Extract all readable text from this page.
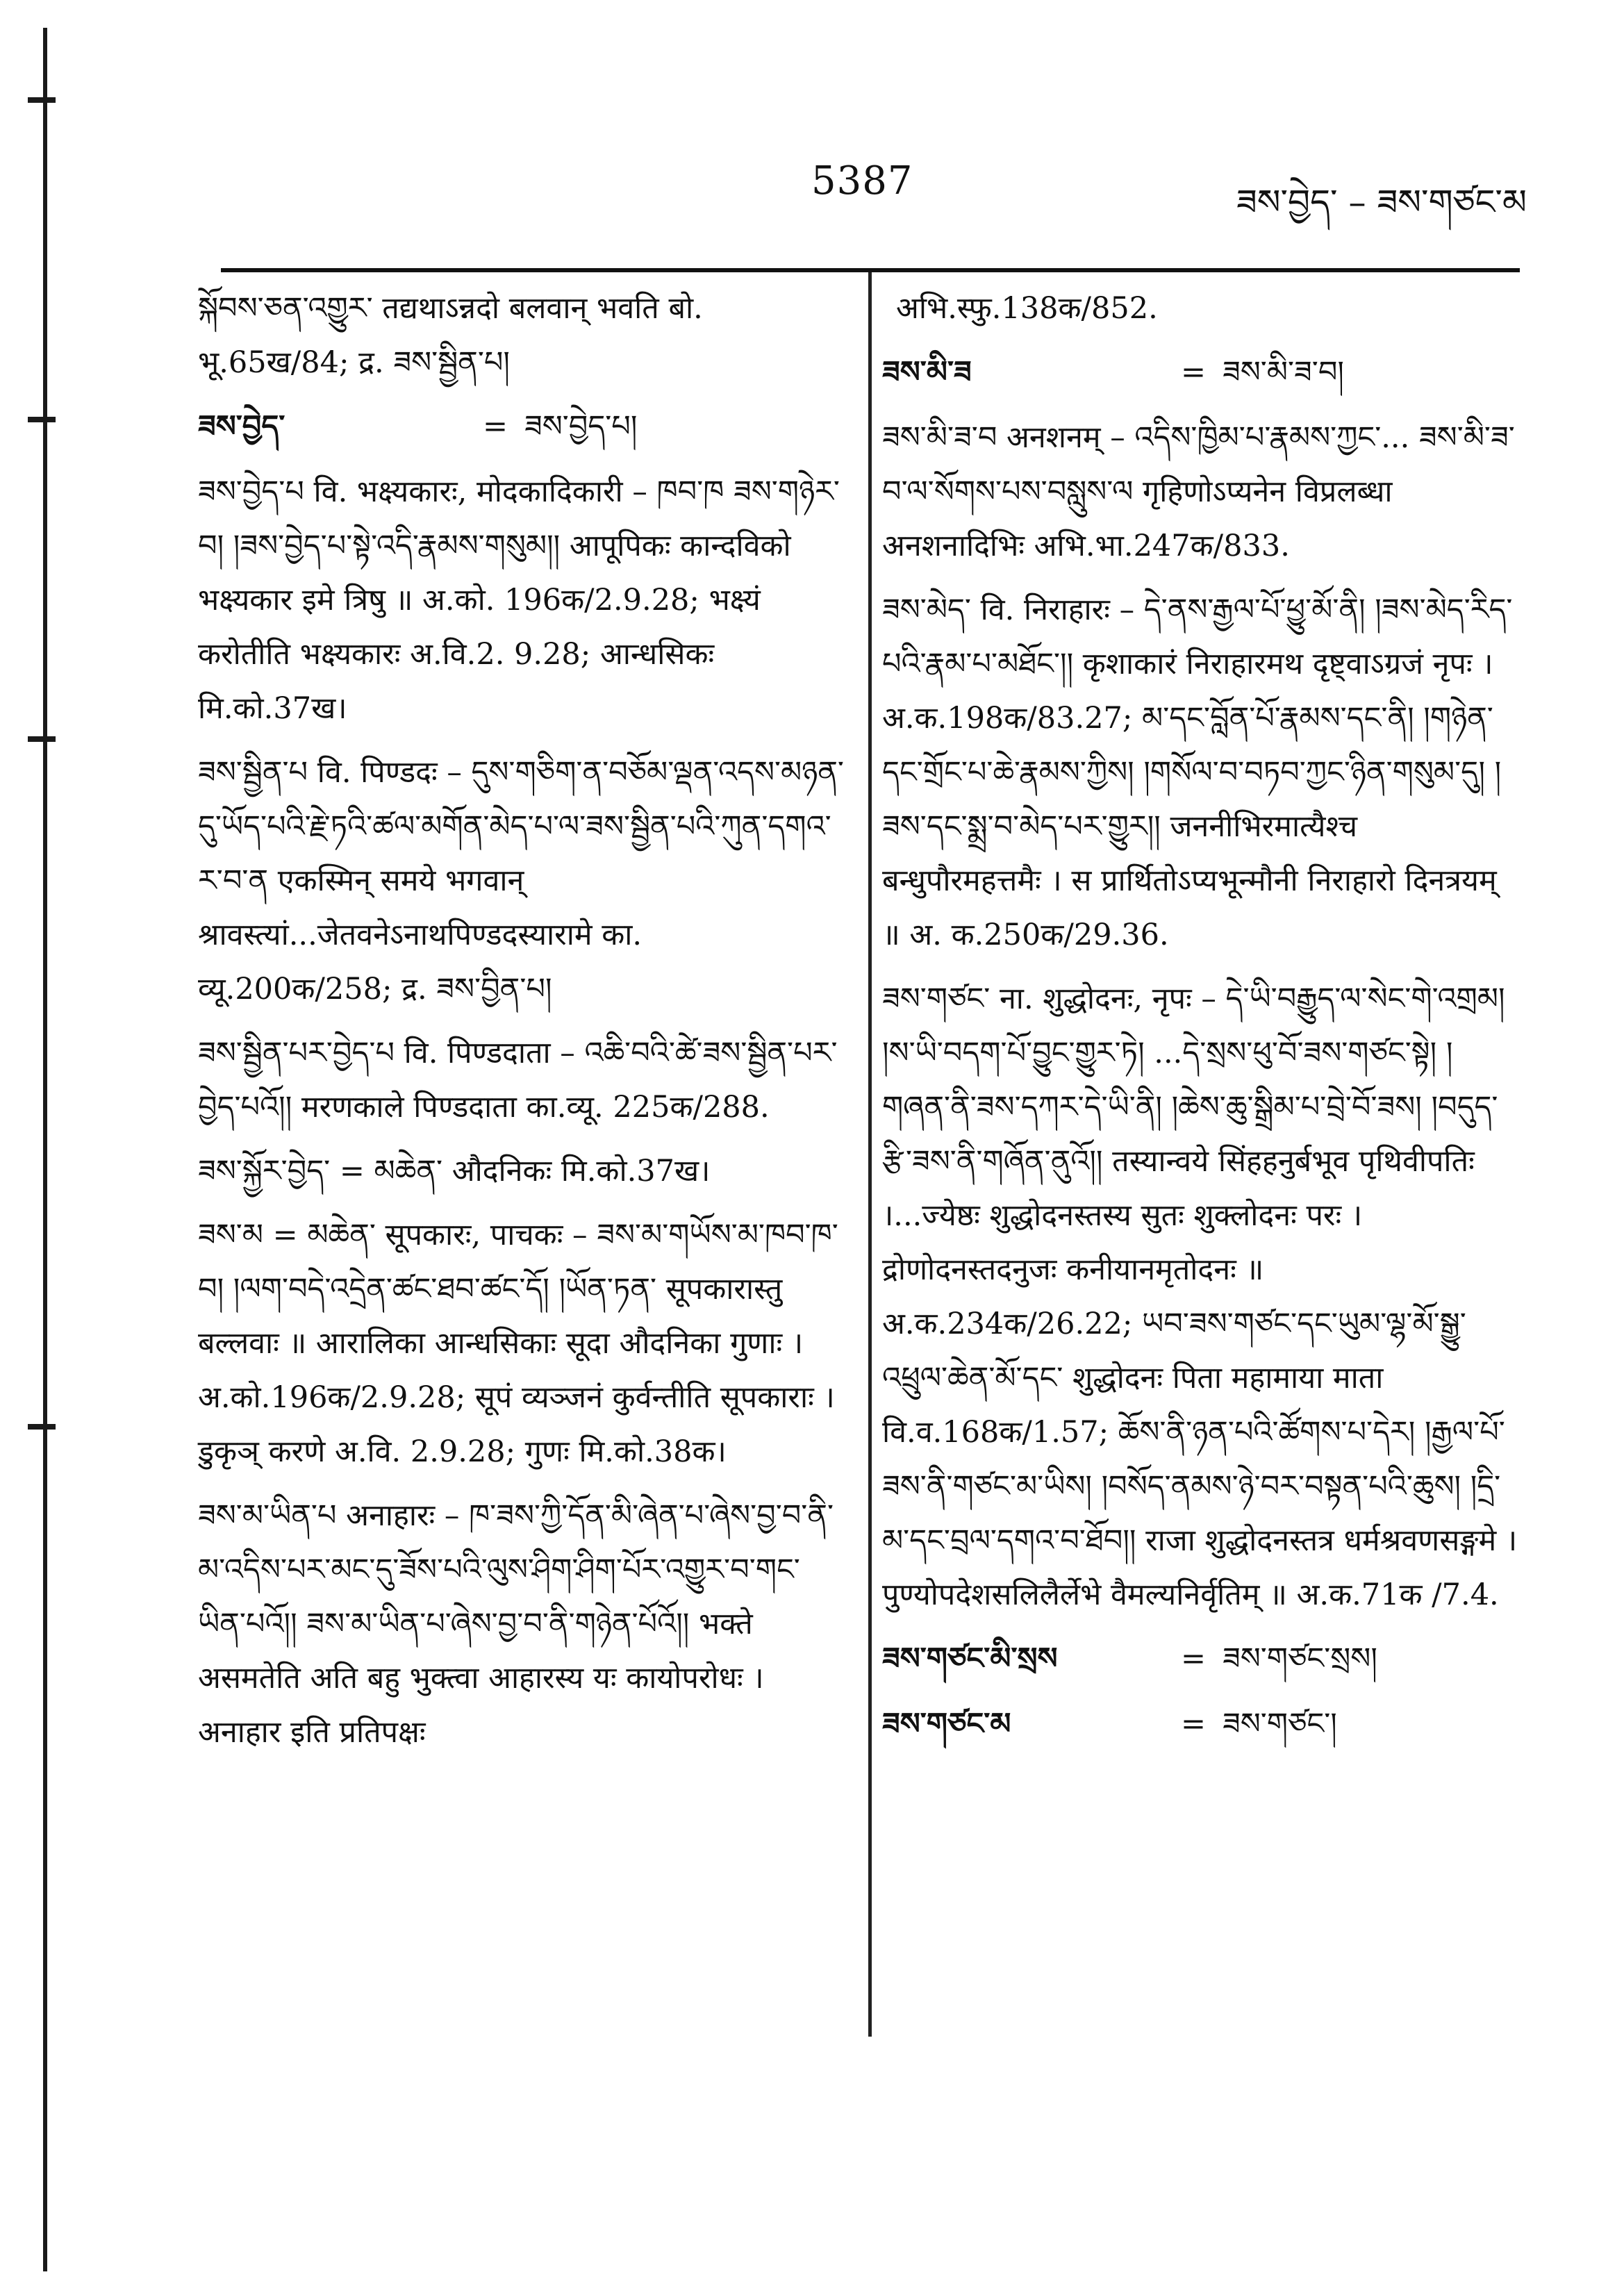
5387	ཟས་བྱེད་ – ཟས་གཙང་མ
སྐོབས་ཅན་འགྱུར་ तद्यथाऽन्नदो बलवान् भवति बो. भू.65ख/84; द्र. ཟས་སྦྱིན་པ།
ཟས་བྱེད་	= ཟས་བྱེད་པ།
ཟས་བྱེད་པ वि. भक्ष्यकारः, मोदकादिकारी – ཁབ་ཁ ཟས་གཉེར་བ། །ཟས་བྱེད་པ་སྟེ་འདི་རྣམས་གསུམ།། आपूपिकः कान्दविको भक्ष्यकार इमे त्रिषु ॥ अ.को. 196क/2.9.28; भक्ष्यं करोतीति भक्ष्यकारः अ.वि.2. 9.28; आन्धसिकः मि.को.37ख।
ཟས་སྦྱིན་པ वि. पिण्डदः – དུས་གཅིག་ན་བཅོམ་ལྡན་འདས་མཉན་དུ་ཡོད་པའི་རྗེ་ཏའི་ཚལ་མགོན་མེད་པ་ལ་ཟས་སྦྱིན་པའི་ཀུན་དགའ་ར་བ་ན एकस्मिन् समये भगवान् श्रावस्त्यां...जेतवनेऽनाथपिण्डदस्यारामे का. व्यू.200क/258; द्र. ཟས་བྱིན་པ།
ཟས་སྦྱིན་པར་བྱེད་པ वि. पिण्डदाता – འཆི་བའི་ཚེ་ཟས་སྦྱིན་པར་བྱེད་པའོ།། मरणकाले पिण्डदाता का.व्यू. 225क/288.
ཟས་སྐྱོར་བྱེད་ = མཆེན་ औदनिकः मि.को.37ख।
ཟས་མ = མཆེན་ सूपकारः, पाचकः – ཟས་མ་གཡོས་མ་ཁབ་ཁ་བ། །ལག་བདེ་འདྲེན་ཚང་ཐབ་ཚང་དོ། །ཡོན་ཏན་ सूपकारास्तु बल्लवाः ॥ आरालिका आन्धसिकाः सूदा औदनिका गुणाः । अ.को.196क/2.9.28; सूपं व्यञ्जनं कुर्वन्तीति सूपकाराः । डुकृञ् करणे अ.वि. 2.9.28; गुणः मि.को.38क।
ཟས་མ་ཡིན་པ अनाहारः – ཁ་ཟས་ཀྱི་དོན་མི་ཞེན་པ་ཞེས་བྱ་བ་ནི་མ་འདིས་པར་མང་དུ་ཟོས་པའི་ལུས་ཤིག་ཤིག་པོར་འགྱུར་བ་གང་ཡིན་པའོ།། ཟས་མ་ཡིན་པ་ཞེས་བྱ་བ་ནི་གཉེན་པོའོ།། भक्ते असमतेति अति बहु भुक्त्वा आहारस्य यः कायोपरोधः । अनाहार इति प्रतिपक्षः
अभि.स्फु.138क/852.
ཟས་མི་ཟ	= ཟས་མི་ཟ་བ།
ཟས་མི་ཟ་བ अनशनम् – འདིས་ཁྱིམ་པ་རྣམས་ཀྱང་... ཟས་མི་ཟ་བ་ལ་སོགས་པས་བསླུས་ལ गृहिणोऽप्यनेन विप्रलब्धा अनशनादिभिः अभि.भा.247क/833.
ཟས་མེད་ वि. निराहारः – དེ་ནས་རྒྱལ་པོ་ཕྱུ་མོ་ནི། །ཟས་མེད་རིད་པའི་རྣམ་པ་མཐོང་།། कृशाकारं निराहारमथ दृष्ट्वाऽग्रजं नृपः । अ.क.198क/83.27; མ་དང་བློན་པོ་རྣམས་དང་ནི། །གཉེན་དང་གྲོང་པ་ཆེ་རྣམས་ཀྱིས། །གསོལ་བ་བཏབ་ཀྱང་ཉིན་གསུམ་དུ། །ཟས་དང་སྨྲ་བ་མེད་པར་གྱུར།། जननीभिरमात्यैश्च बन्धुपौरमहत्तमैः । स प्रार्थितोऽप्यभून्मौनी निराहारो दिनत्रयम् ॥ अ. क.250क/29.36.
ཟས་གཙང་ ना. शुद्धोदनः, नृपः – དེ་ཡི་བརྒྱུད་ལ་སེང་གེ་འགྲམ། །ས་ཡི་བདག་པོ་བྱུང་གྱུར་ཏེ། ...དེ་སྲས་ཕུ་བོ་ཟས་གཙང་སྟེ། །གཞན་ནི་ཟས་དཀར་དེ་ཡི་ནི། །ཆེས་ཆུ་སྒྲིམ་པ་བྲེ་བོ་ཟས། །བདུད་རྩི་ཟས་ནི་གཞོན་ནུའོ།། तस्यान्वये सिंहहनुर्बभूव पृथिवीपतिः ।...ज्येष्ठः शुद्धोदनस्तस्य सुतः शुक्लोदनः परः । द्रोणोदनस्तदनुजः कनीयानमृतोदनः ॥ अ.क.234क/26.22; ཡབ་ཟས་གཙང་དང་ཡུམ་ལྷ་མོ་སྒྱུ་འཕྲུལ་ཆེན་མོ་དང་ शुद्धोदनः पिता महामाया माता वि.व.168क/1.57; ཆོས་ནི་ཉན་པའི་ཚོགས་པ་དེར། །རྒྱལ་པོ་ཟས་ནི་གཙང་མ་ཡིས། །བསོད་ནམས་ཉེ་བར་བསྟན་པའི་ཆུས། །དྲི་མ་དང་བྲལ་དགའ་བ་ཐོབ།། राजा शुद्धोदनस्तत्र धर्मश्रवणसङ्गमे । पुण्योपदेशसलिलैर्लेभे वैमल्यनिर्वृतिम् ॥ अ.क.71क /7.4.
ཟས་གཙང་མི་སྲས	= ཟས་གཙང་སྲས།
ཟས་གཙང་མ	= ཟས་གཙང་།
